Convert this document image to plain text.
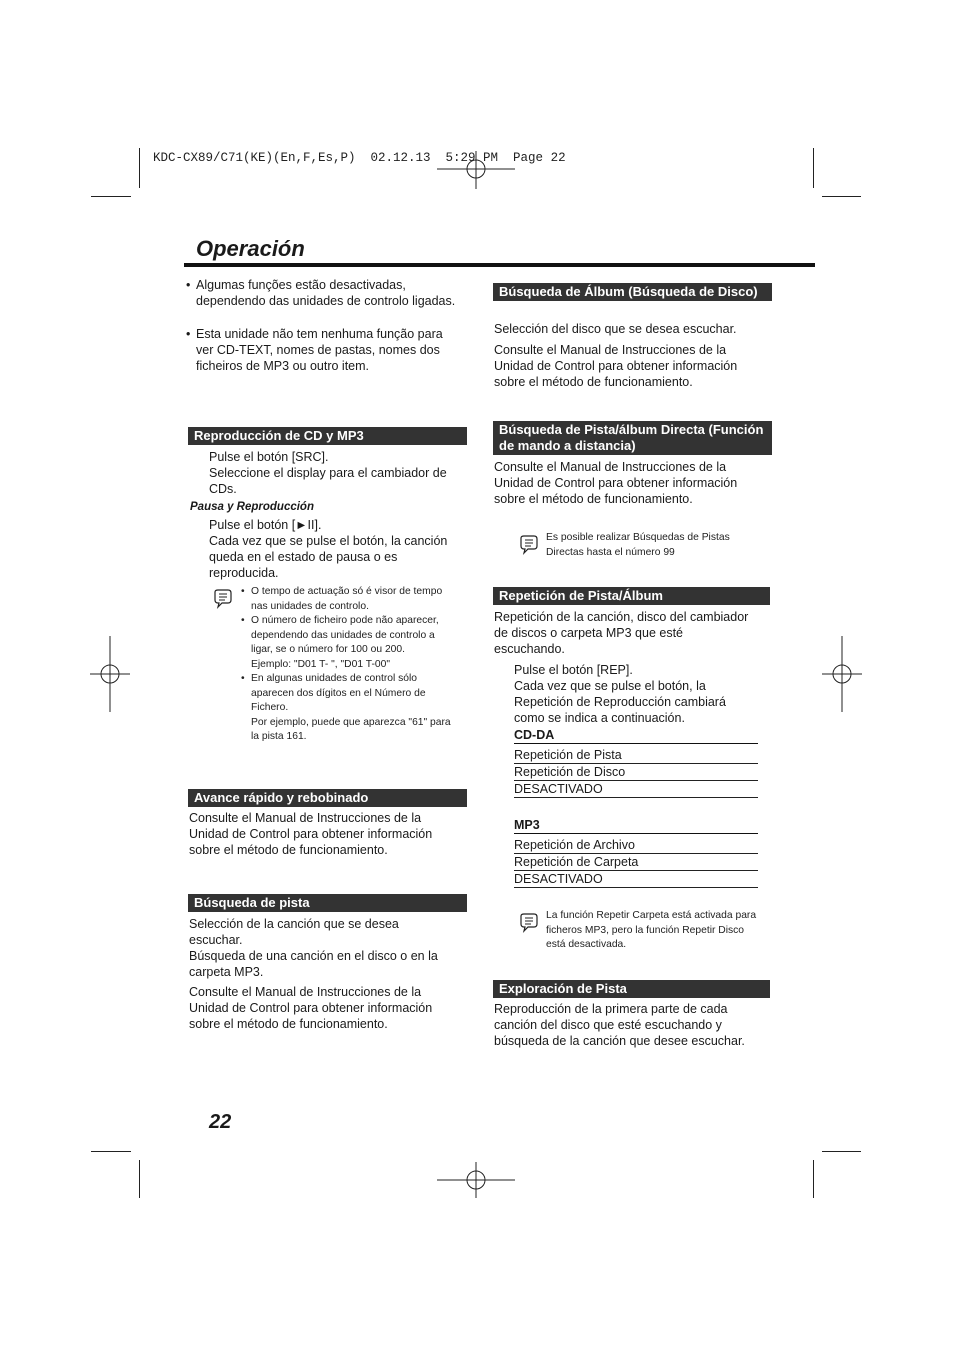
KDC-CX89/C71(KE)(En,F,Es,P)  02.12.13  5:29 PM  Page 22
Operación
• Algumas funções estão desactivadas, dependendo das unidades de controlo ligadas.
• Esta unidade não tem nenhuma função para ver CD-TEXT, nomes de pastas, nomes dos ficheiros de MP3 ou outro item.
Reproducción de CD y MP3
Pulse el botón [SRC].
Seleccione el display para el cambiador de CDs.
Pausa y Reproducción
Pulse el botón [►II].
Cada vez que se pulse el botón, la canción queda en el estado de pausa o es reproducida.
• O tempo de actuação só é visor de tempo nas unidades de controlo.
• O número de ficheiro pode não aparecer, dependendo das unidades de controlo a ligar, se o número for 100 ou 200.
Ejemplo: "D01 T- ", "D01 T-00"
• En algunas unidades de control sólo aparecen dos dígitos en el Número de Fichero.
Por ejemplo, puede que aparezca "61" para la pista 161.
Avance rápido y rebobinado
Consulte el Manual de Instrucciones de la Unidad de Control para obtener información sobre el método de funcionamiento.
Búsqueda de pista
Selección de la canción que se desea escuchar.
Búsqueda de una canción en el disco o en la carpeta MP3.
Consulte el Manual de Instrucciones de la Unidad de Control para obtener información sobre el método de funcionamiento.
Búsqueda de Álbum (Búsqueda de Disco)
Selección del disco que se desea escuchar.
Consulte el Manual de Instrucciones de la Unidad de Control para obtener información sobre el método de funcionamiento.
Búsqueda de Pista/álbum Directa (Función de mando a distancia)
Consulte el Manual de Instrucciones de la Unidad de Control para obtener información sobre el método de funcionamiento.
Es posible realizar Búsquedas de Pistas Directas hasta el número 99
Repetición de Pista/Álbum
Repetición de la canción, disco del cambiador de discos o carpeta MP3 que esté escuchando.
Pulse el botón [REP].
Cada vez que se pulse el botón, la Repetición de Reproducción cambiará como se indica a continuación.
CD-DA
Repetición de Pista
Repetición de Disco
DESACTIVADO
MP3
Repetición de Archivo
Repetición de Carpeta
DESACTIVADO
La función Repetir Carpeta está activada para ficheros MP3, pero la función Repetir Disco está desactivada.
Exploración de Pista
Reproducción de la primera parte de cada canción del disco que esté escuchando y búsqueda de la canción que desee escuchar.
22
